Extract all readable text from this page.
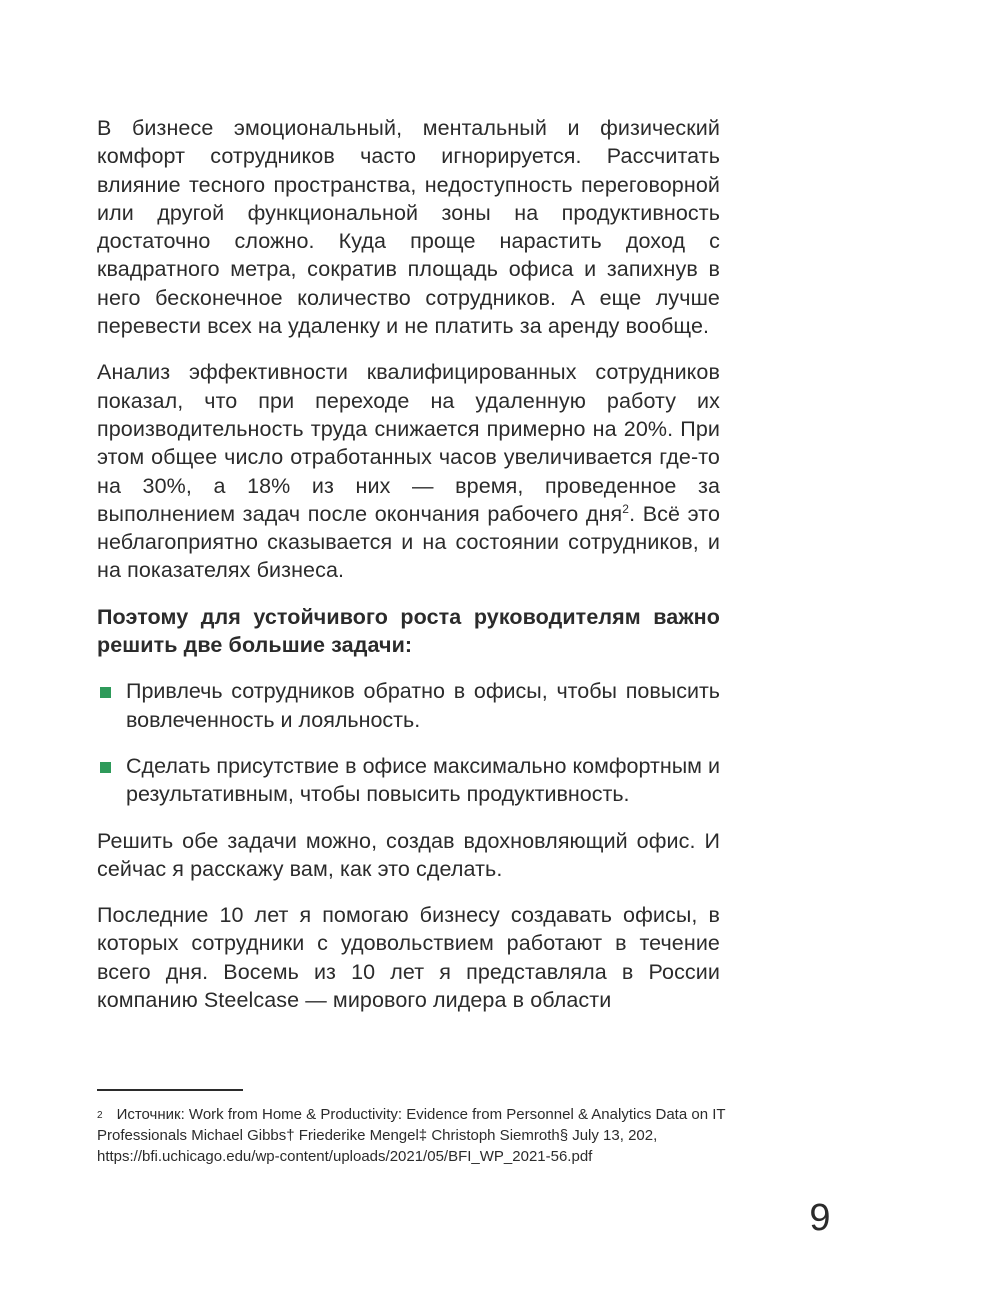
В бизнесе эмоциональный, ментальный и физический комфорт сотрудников часто игнорируется. Рассчитать влияние тесного пространства, недоступность переговорной или другой функциональной зоны на продуктивность достаточно сложно. Куда проще нарастить доход с квадратного метра, сократив площадь офиса и запихнув в него бесконечное количество сотрудников. А еще лучше перевести всех на удаленку и не платить за аренду вообще.

Анализ эффективности квалифицированных сотрудников показал, что при переходе на удаленную работу их производительность труда снижается примерно на 20%. При этом общее число отработанных часов увеличивается где-то на 30%, а 18% из них — время, проведенное за выполнением задач после окончания рабочего дня$^2$. Всё это неблагоприятно сказывается и на состоянии сотрудников, и на показателях бизнеса.

Поэтому для устойчивого роста руководителям важно решить две большие задачи:

Привлечь сотрудников обратно в офисы, чтобы повысить вовлеченность и лояльность.
Сделать присутствие в офисе максимально комфортным и результативным, чтобы повысить продуктивность.

Решить обе задачи можно, создав вдохновляющий офис. И сейчас я расскажу вам, как это сделать.

Последние 10 лет я помогаю бизнесу создавать офисы, в которых сотрудники с удовольствием работают в течение всего дня. Восемь из 10 лет я представляла в России компанию Steelcase — мирового лидера в области

$^2$ Источник: Work from Home & Productivity: Evidence from Personnel & Analytics Data on IT Professionals Michael Gibbs† Friederike Mengel‡ Christoph Siemroth§ July 13, 202, https://bfi.uchicago.edu/wp-content/uploads/2021/05/BFI_WP_2021-56.pdf
9
